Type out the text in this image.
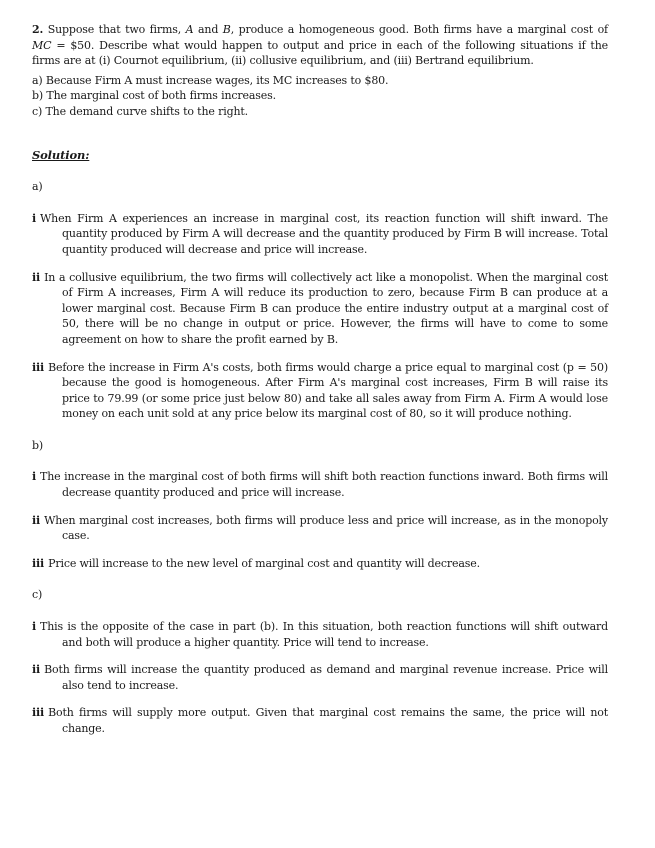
2. Suppose that two firms, A and B, produce a homogeneous good. Both firms have a marginal cost of MC = $50. Describe what would happen to output and price in each of the following situations if the firms are at (i) Cournot equilibrium, (ii) collusive equilibrium, and (iii) Bertrand equilibrium.

a) Because Firm A must increase wages, its MC increases to $80.
b) The marginal cost of both firms increases.
c) The demand curve shifts to the right.

Solution:

a)

i When Firm A experiences an increase in marginal cost, its reaction function will shift inward. The quantity produced by Firm A will decrease and the quantity produced by Firm B will increase. Total quantity produced will decrease and price will increase.

ii In a collusive equilibrium, the two firms will collectively act like a monopolist. When the marginal cost of Firm A increases, Firm A will reduce its production to zero, because Firm B can produce at a lower marginal cost. Because Firm B can produce the entire industry output at a marginal cost of 50, there will be no change in output or price. However, the firms will have to come to some agreement on how to share the profit earned by B.

iii Before the increase in Firm A's costs, both firms would charge a price equal to marginal cost (p = 50) because the good is homogeneous. After Firm A's marginal cost increases, Firm B will raise its price to 79.99 (or some price just below 80) and take all sales away from Firm A. Firm A would lose money on each unit sold at any price below its marginal cost of 80, so it will produce nothing.

b)

i The increase in the marginal cost of both firms will shift both reaction functions inward. Both firms will decrease quantity produced and price will increase.

ii When marginal cost increases, both firms will produce less and price will increase, as in the monopoly case.

iii Price will increase to the new level of marginal cost and quantity will decrease.

c)

i This is the opposite of the case in part (b). In this situation, both reaction functions will shift outward and both will produce a higher quantity. Price will tend to increase.

ii Both firms will increase the quantity produced as demand and marginal revenue increase. Price will also tend to increase.

iii Both firms will supply more output. Given that marginal cost remains the same, the price will not change.
